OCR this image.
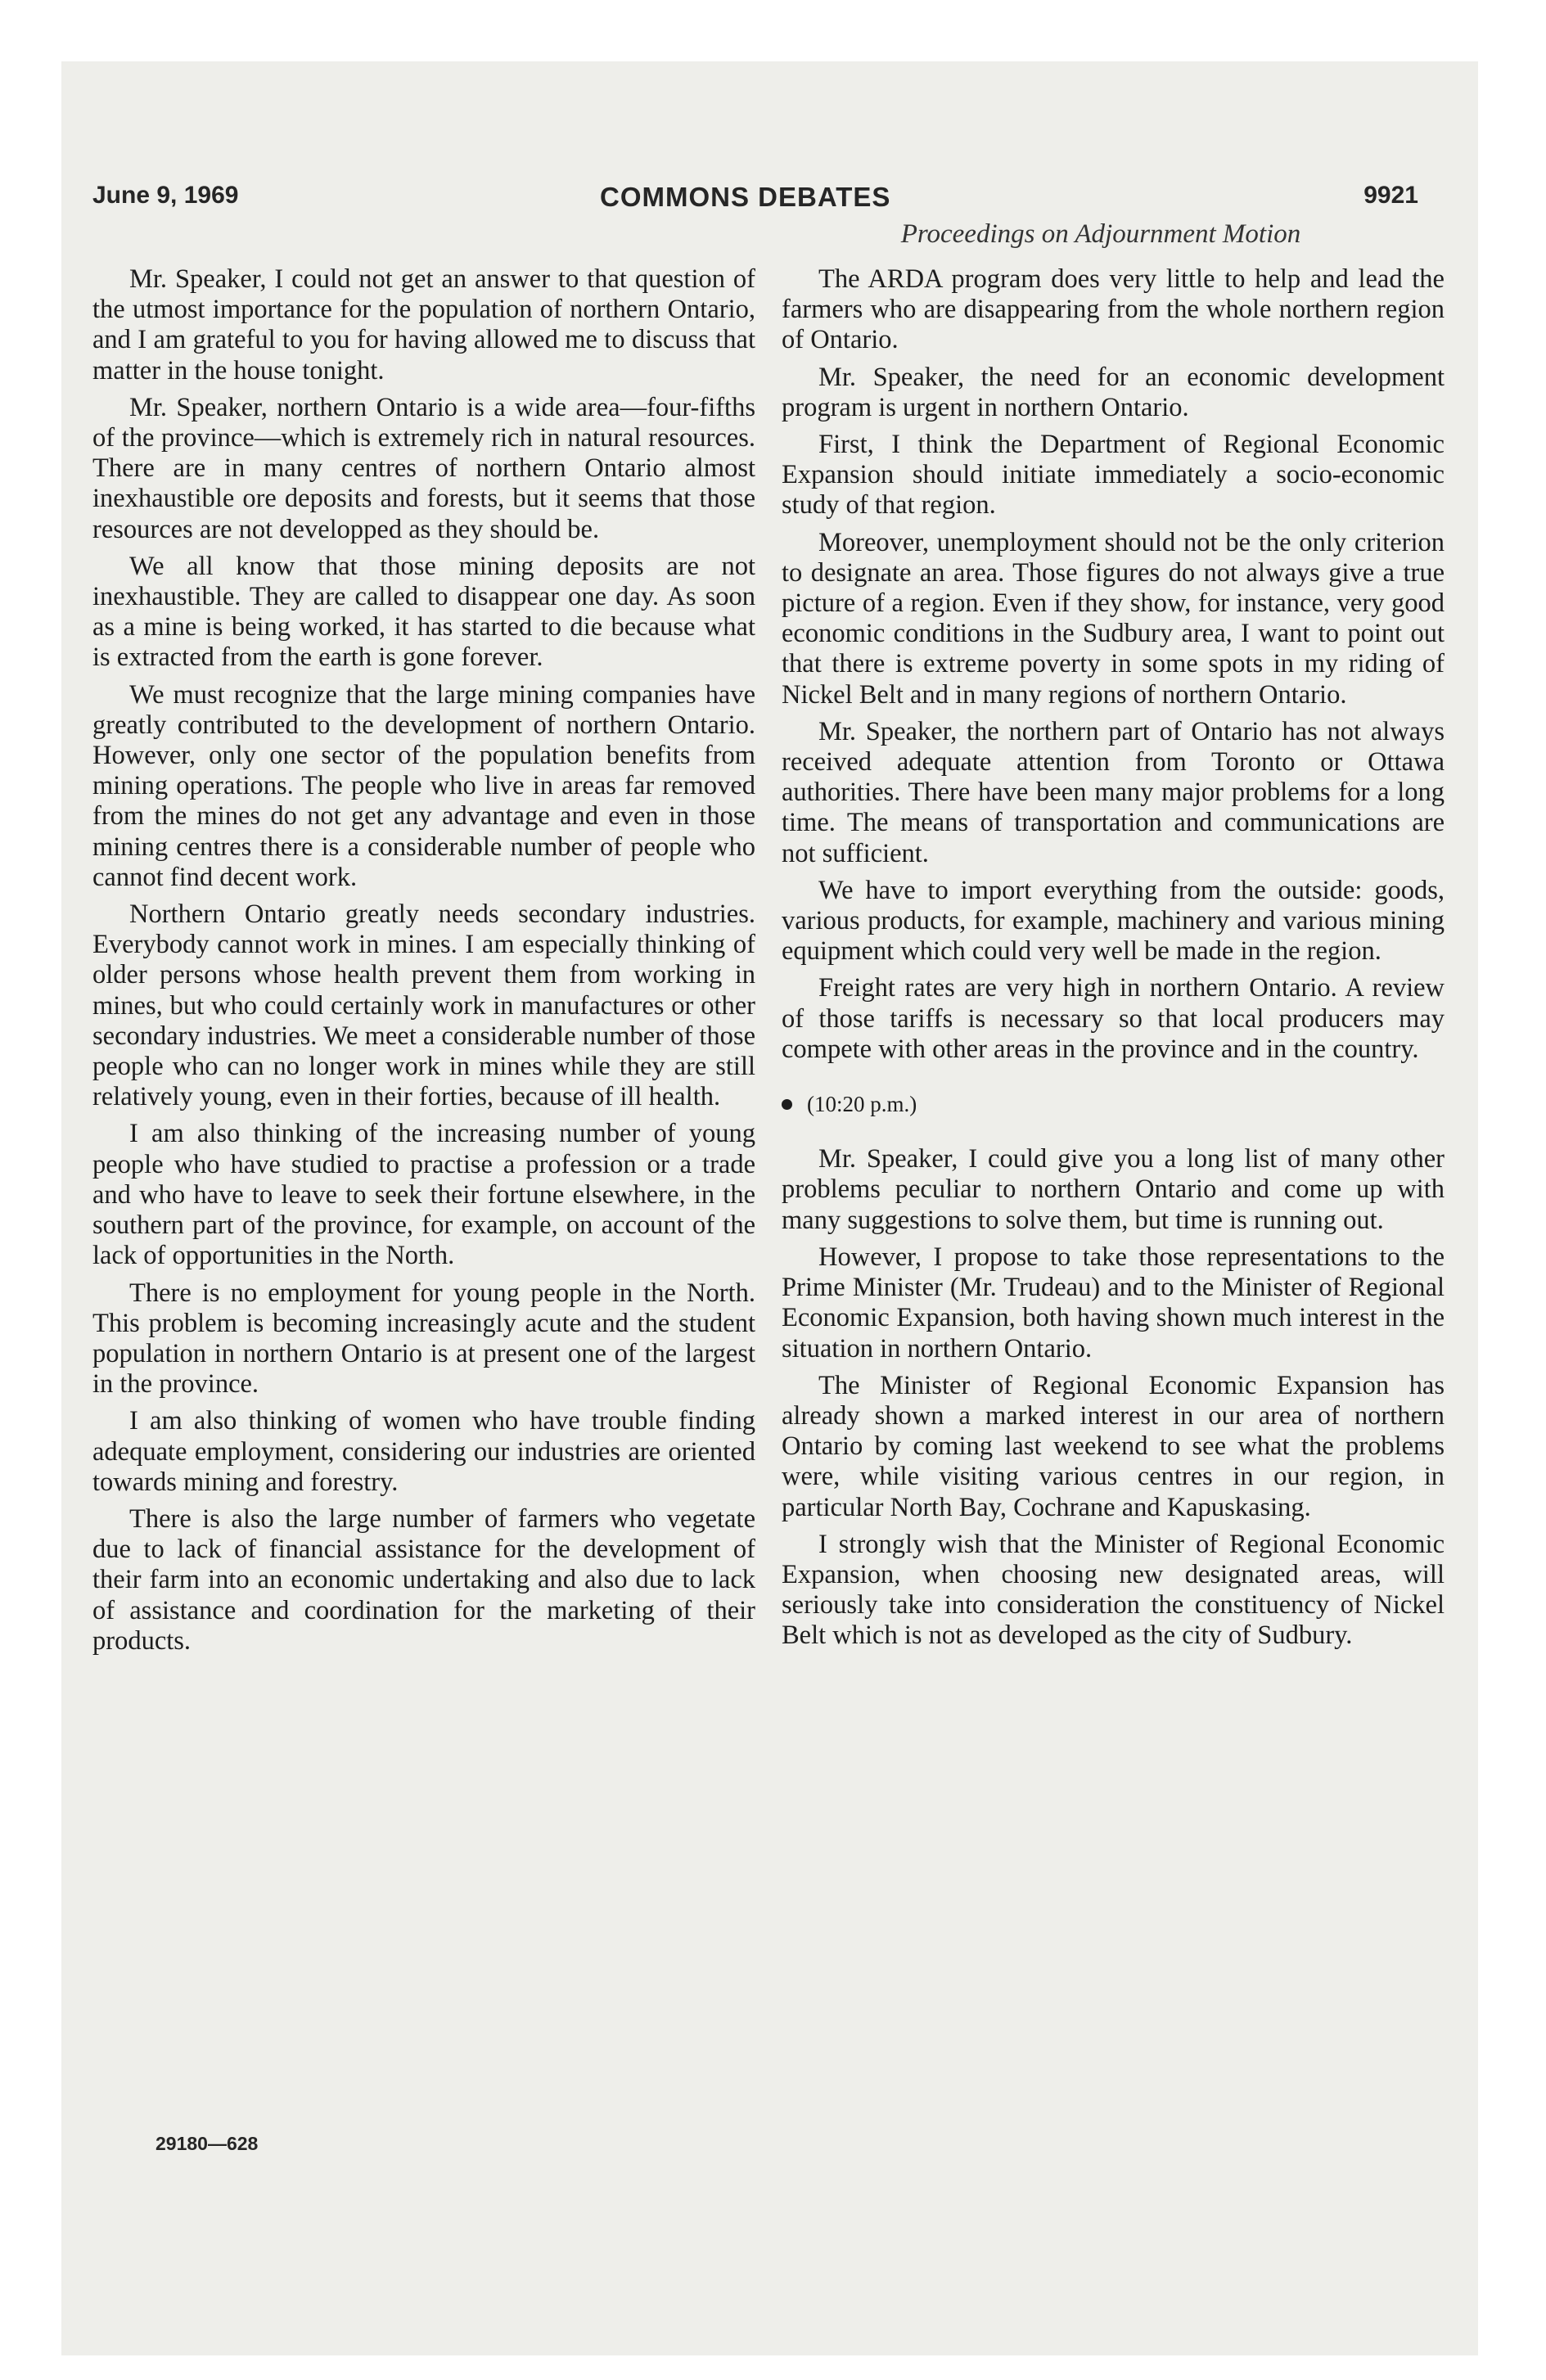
June 9, 1969	COMMONS DEBATES	9921
Proceedings on Adjournment Motion

Mr. Speaker, I could not get an answer to that question of the utmost importance for the population of northern Ontario, and I am grateful to you for having allowed me to discuss that matter in the house tonight.

Mr. Speaker, northern Ontario is a wide area—four-fifths of the province—which is extremely rich in natural resources. There are in many centres of northern Ontario almost inexhaustible ore deposits and forests, but it seems that those resources are not developped as they should be.

We all know that those mining deposits are not inexhaustible. They are called to disappear one day. As soon as a mine is being worked, it has started to die because what is extracted from the earth is gone forever.

We must recognize that the large mining companies have greatly contributed to the development of northern Ontario. However, only one sector of the population benefits from mining operations. The people who live in areas far removed from the mines do not get any advantage and even in those mining centres there is a considerable number of people who cannot find decent work.

Northern Ontario greatly needs secondary industries. Everybody cannot work in mines. I am especially thinking of older persons whose health prevent them from working in mines, but who could certainly work in manufactures or other secondary industries. We meet a considerable number of those people who can no longer work in mines while they are still relatively young, even in their forties, because of ill health.

I am also thinking of the increasing number of young people who have studied to practise a profession or a trade and who have to leave to seek their fortune elsewhere, in the southern part of the province, for example, on account of the lack of opportunities in the North.

There is no employment for young people in the North. This problem is becoming increasingly acute and the student population in northern Ontario is at present one of the largest in the province.

I am also thinking of women who have trouble finding adequate employment, considering our industries are oriented towards mining and forestry.

There is also the large number of farmers who vegetate due to lack of financial assistance for the development of their farm into an economic undertaking and also due to lack of assistance and coordination for the marketing of their products.

29180—628

The ARDA program does very little to help and lead the farmers who are disappearing from the whole northern region of Ontario.

Mr. Speaker, the need for an economic development program is urgent in northern Ontario.

First, I think the Department of Regional Economic Expansion should initiate immediately a socio-economic study of that region.

Moreover, unemployment should not be the only criterion to designate an area. Those figures do not always give a true picture of a region. Even if they show, for instance, very good economic conditions in the Sudbury area, I want to point out that there is extreme poverty in some spots in my riding of Nickel Belt and in many regions of northern Ontario.

Mr. Speaker, the northern part of Ontario has not always received adequate attention from Toronto or Ottawa authorities. There have been many major problems for a long time. The means of transportation and communications are not sufficient.

We have to import everything from the outside: goods, various products, for example, machinery and various mining equipment which could very well be made in the region.

Freight rates are very high in northern Ontario. A review of those tariffs is necessary so that local producers may compete with other areas in the province and in the country.

(10:20 p.m.)

Mr. Speaker, I could give you a long list of many other problems peculiar to northern Ontario and come up with many suggestions to solve them, but time is running out.

However, I propose to take those representations to the Prime Minister (Mr. Trudeau) and to the Minister of Regional Economic Expansion, both having shown much interest in the situation in northern Ontario.

The Minister of Regional Economic Expansion has already shown a marked interest in our area of northern Ontario by coming last weekend to see what the problems were, while visiting various centres in our region, in particular North Bay, Cochrane and Kapuskasing.

I strongly wish that the Minister of Regional Economic Expansion, when choosing new designated areas, will seriously take into consideration the constituency of Nickel Belt which is not as developed as the city of Sudbury.
